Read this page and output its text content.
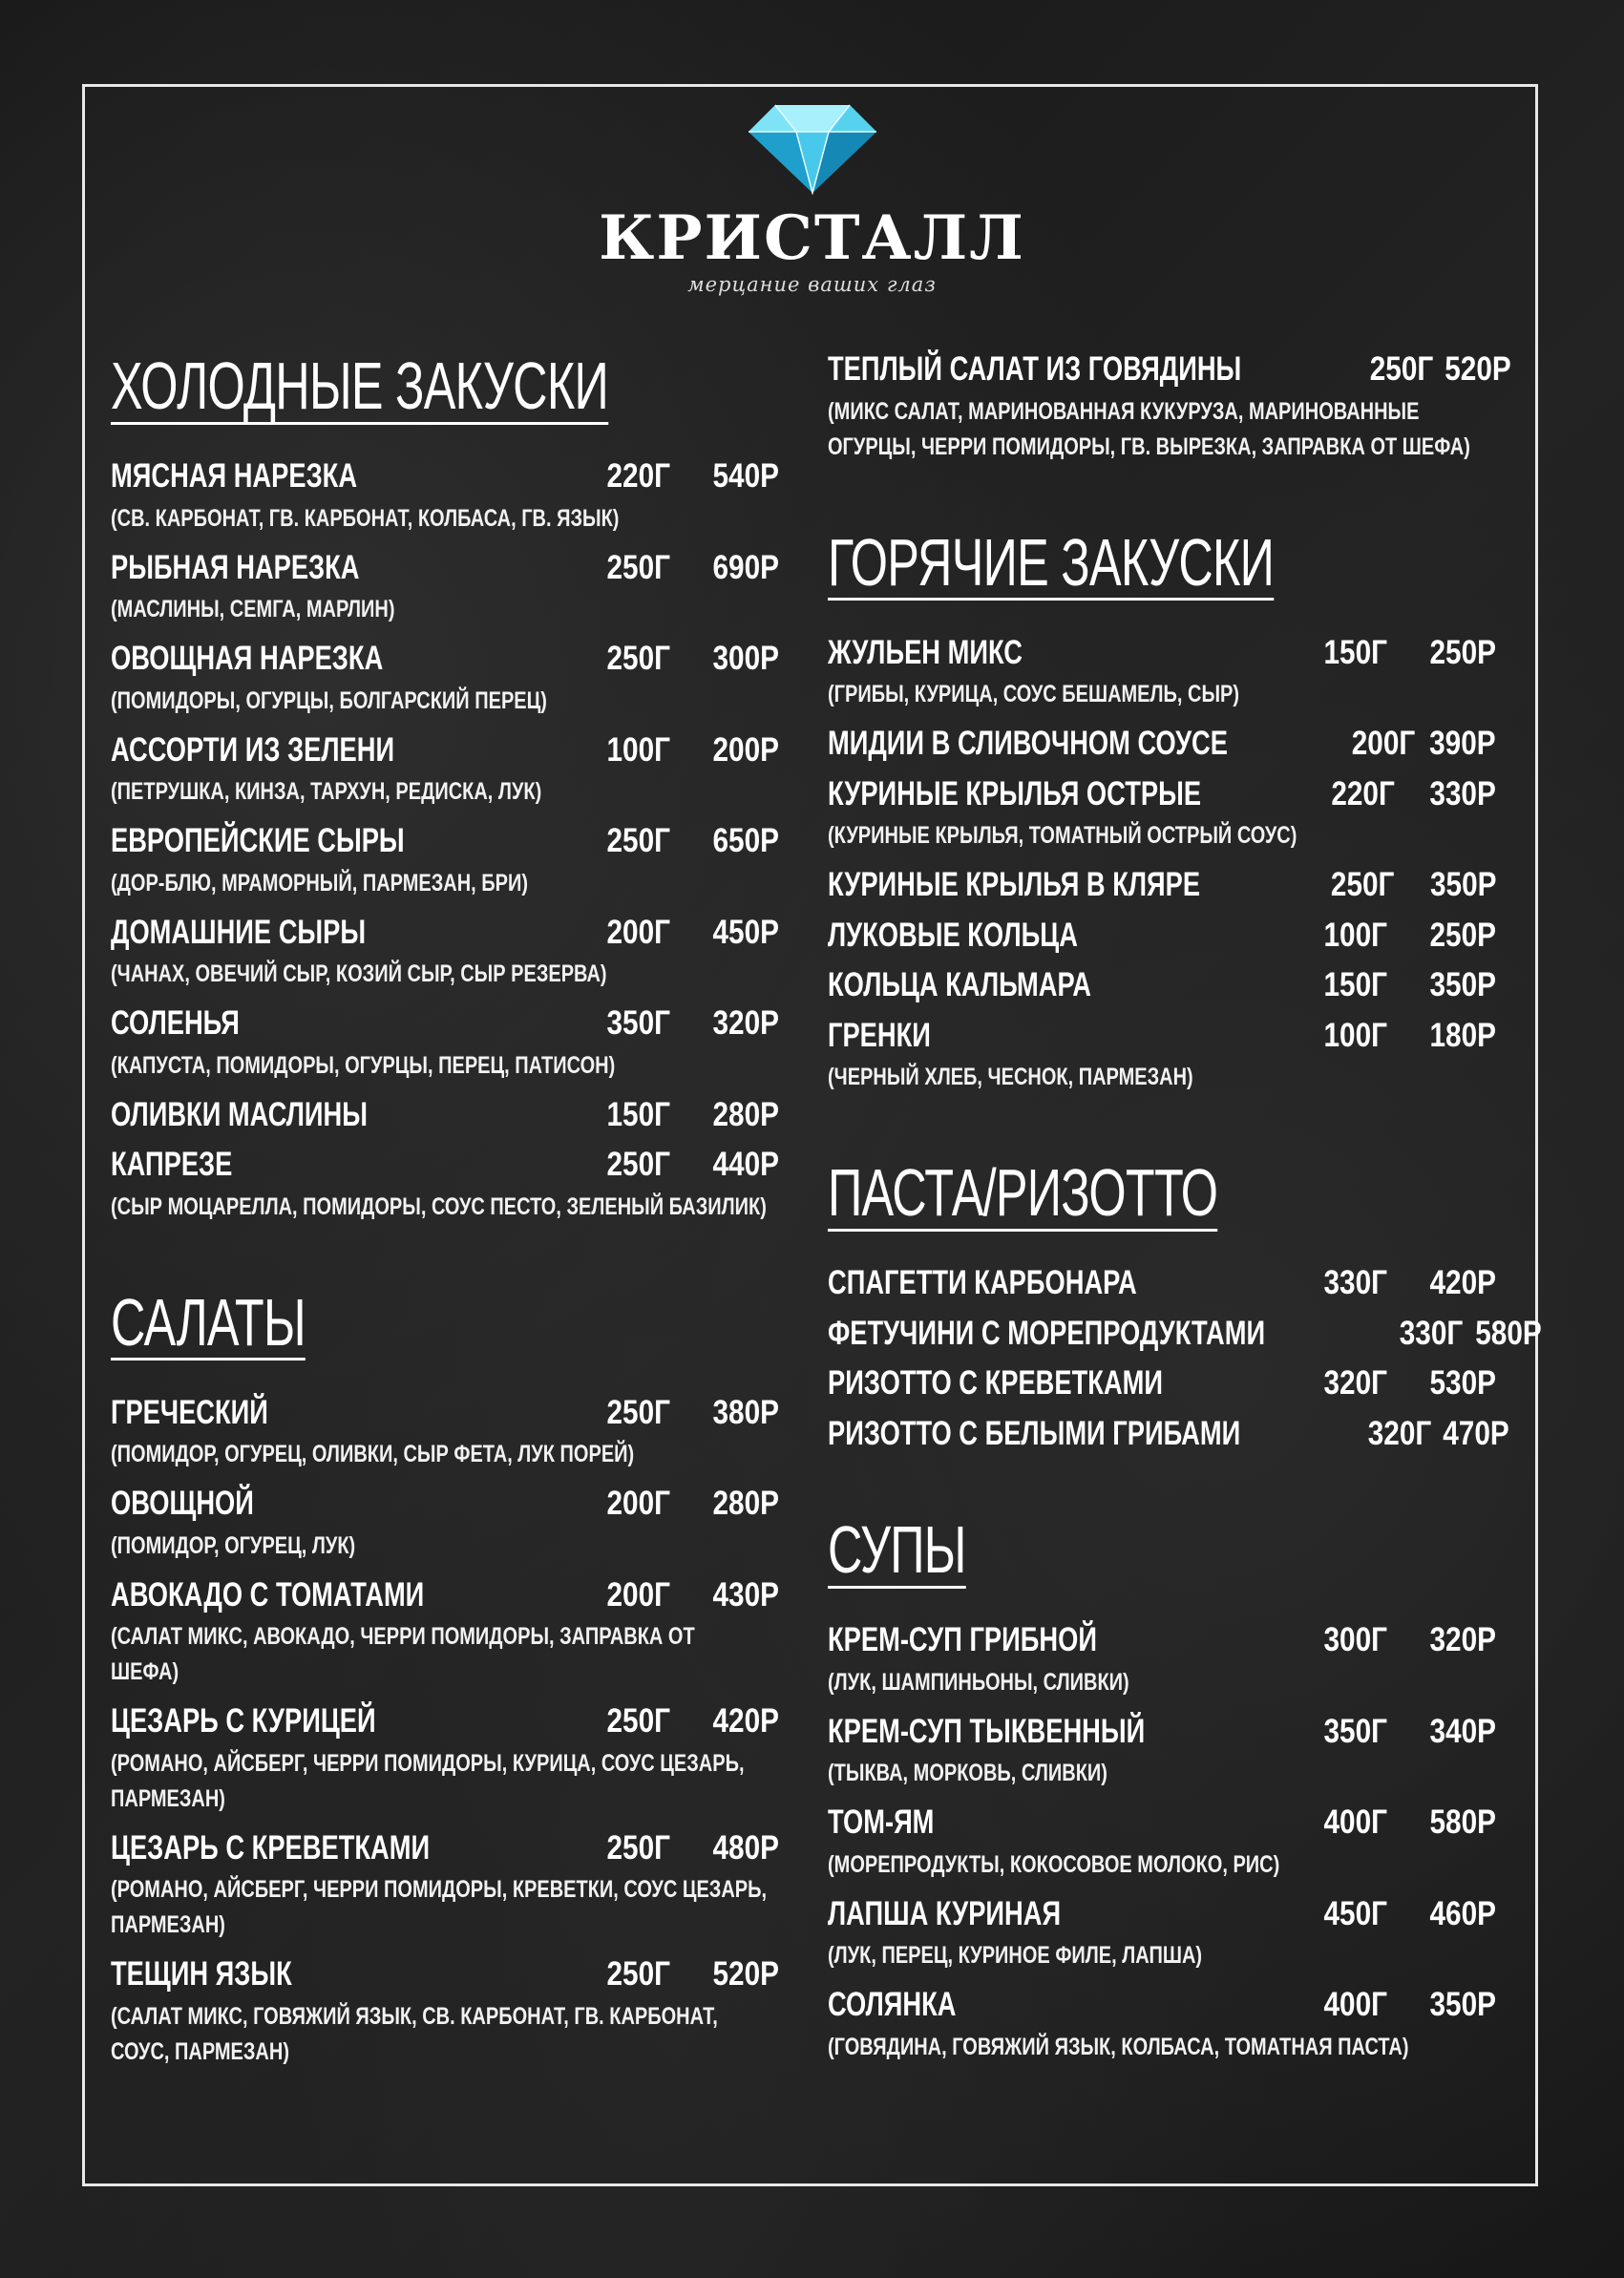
КРИСТАЛЛ
мерцание ваших глаз
ХОЛОДНЫЕ ЗАКУСКИ
МЯСНАЯ НАРЕЗКА	220Г	540Р
(СВ. КАРБОНАТ, ГВ. КАРБОНАТ, КОЛБАСА, ГВ. ЯЗЫК)
РЫБНАЯ НАРЕЗКА	250Г	690Р
(МАСЛИНЫ, СЕМГА, МАРЛИН)
ОВОЩНАЯ НАРЕЗКА	250Г	300Р
(ПОМИДОРЫ, ОГУРЦЫ, БОЛГАРСКИЙ ПЕРЕЦ)
АССОРТИ ИЗ ЗЕЛЕНИ	100Г	200Р
(ПЕТРУШКА, КИНЗА, ТАРХУН, РЕДИСКА, ЛУК)
ЕВРОПЕЙСКИЕ СЫРЫ	250Г	650Р
(ДОР-БЛЮ, МРАМОРНЫЙ, ПАРМЕЗАН, БРИ)
ДОМАШНИЕ СЫРЫ	200Г	450Р
(ЧАНАХ, ОВЕЧИЙ СЫР, КОЗИЙ СЫР, СЫР РЕЗЕРВА)
СОЛЕНЬЯ	350Г	320Р
(КАПУСТА, ПОМИДОРЫ, ОГУРЦЫ, ПЕРЕЦ, ПАТИСОН)
ОЛИВКИ МАСЛИНЫ	150Г	280Р
КАПРЕЗЕ	250Г	440Р
(СЫР МОЦАРЕЛЛА, ПОМИДОРЫ, СОУС ПЕСТО, ЗЕЛЕНЫЙ БАЗИЛИК)
САЛАТЫ
ГРЕЧЕСКИЙ	250Г	380Р
(ПОМИДОР, ОГУРЕЦ, ОЛИВКИ, СЫР ФЕТА, ЛУК ПОРЕЙ)
ОВОЩНОЙ	200Г	280Р
(ПОМИДОР, ОГУРЕЦ, ЛУК)
АВОКАДО С ТОМАТАМИ	200Г	430Р
(САЛАТ МИКС, АВОКАДО, ЧЕРРИ ПОМИДОРЫ, ЗАПРАВКА ОТ ШЕФА)
ЦЕЗАРЬ С КУРИЦЕЙ	250Г	420Р
(РОМАНО, АЙСБЕРГ, ЧЕРРИ ПОМИДОРЫ, КУРИЦА, СОУС ЦЕЗАРЬ, ПАРМЕЗАН)
ЦЕЗАРЬ С КРЕВЕТКАМИ	250Г	480Р
(РОМАНО, АЙСБЕРГ, ЧЕРРИ ПОМИДОРЫ, КРЕВЕТКИ, СОУС ЦЕЗАРЬ, ПАРМЕЗАН)
ТЕЩИН ЯЗЫК	250Г	520Р
(САЛАТ МИКС, ГОВЯЖИЙ ЯЗЫК, СВ. КАРБОНАТ, ГВ. КАРБОНАТ, СОУС, ПАРМЕЗАН)
ТЕПЛЫЙ САЛАТ ИЗ ГОВЯДИНЫ	250Г 520Р
(МИКС САЛАТ, МАРИНОВАННАЯ КУКУРУЗА, МАРИНОВАННЫЕ ОГУРЦЫ, ЧЕРРИ ПОМИДОРЫ, ГВ. ВЫРЕЗКА, ЗАПРАВКА ОТ ШЕФА)
ГОРЯЧИЕ ЗАКУСКИ
ЖУЛЬЕН МИКС	150Г	250Р
(ГРИБЫ, КУРИЦА, СОУС БЕШАМЕЛЬ, СЫР)
МИДИИ В СЛИВОЧНОМ СОУСЕ	200Г 390Р
КУРИНЫЕ КРЫЛЬЯ ОСТРЫЕ	220Г	330Р
(КУРИНЫЕ КРЫЛЬЯ, ТОМАТНЫЙ ОСТРЫЙ СОУС)
КУРИНЫЕ КРЫЛЬЯ В КЛЯРЕ	250Г	350Р
ЛУКОВЫЕ КОЛЬЦА	100Г	250Р
КОЛЬЦА КАЛЬМАРА	150Г	350Р
ГРЕНКИ	100Г	180Р
(ЧЕРНЫЙ ХЛЕБ, ЧЕСНОК, ПАРМЕЗАН)
ПАСТА/РИЗОТТО
СПАГЕТТИ КАРБОНАРА	330Г	420Р
ФЕТУЧИНИ С МОРЕПРОДУКТАМИ	330Г 580Р
РИЗОТТО С КРЕВЕТКАМИ	320Г	530Р
РИЗОТТО С БЕЛЫМИ ГРИБАМИ	320Г 470Р
СУПЫ
КРЕМ-СУП ГРИБНОЙ	300Г	320Р
(ЛУК, ШАМПИНЬОНЫ, СЛИВКИ)
КРЕМ-СУП ТЫКВЕННЫЙ	350Г	340Р
(ТЫКВА, МОРКОВЬ, СЛИВКИ)
ТОМ-ЯМ	400Г	580Р
(МОРЕПРОДУКТЫ, КОКОСОВОЕ МОЛОКО, РИС)
ЛАПША КУРИНАЯ	450Г	460Р
(ЛУК, ПЕРЕЦ, КУРИНОЕ ФИЛЕ, ЛАПША)
СОЛЯНКА	400Г	350Р
(ГОВЯДИНА, ГОВЯЖИЙ ЯЗЫК, КОЛБАСА, ТОМАТНАЯ ПАСТА)
